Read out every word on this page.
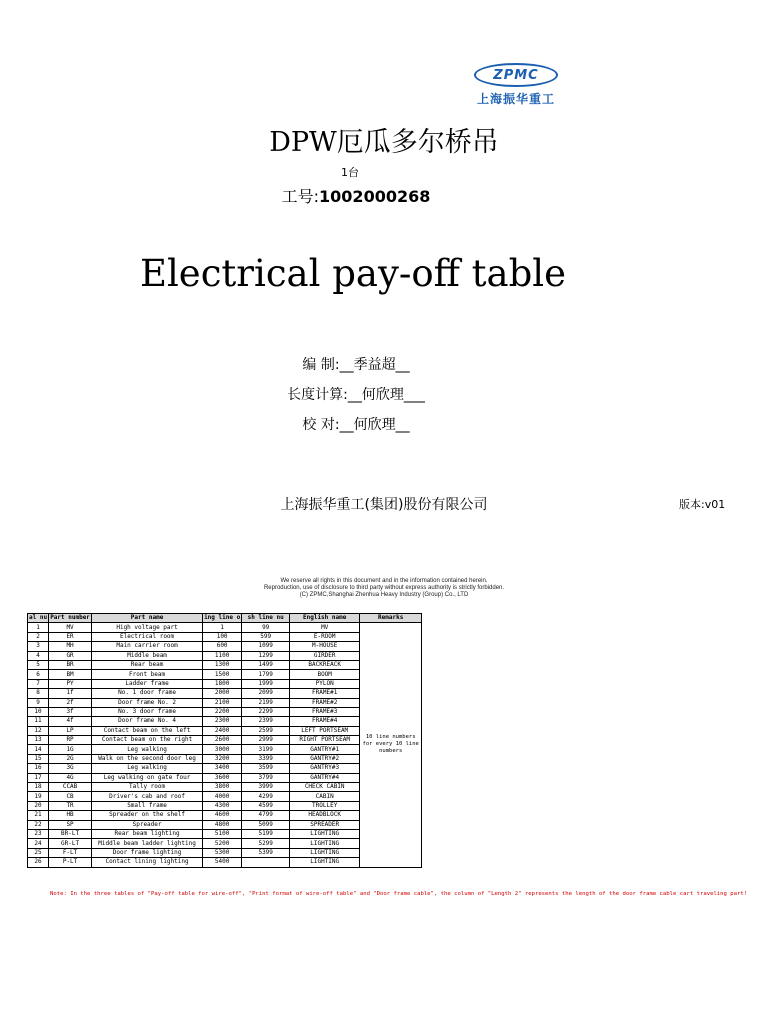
ZPMC
上海振华重工
DPW厄瓜多尔桥吊
1台
工号:1002000268
Electrical pay-off table
编 制:__季益超__
长度计算:__何欣理___
校 对:__何欣理__
上海振华重工(集团)股份有限公司	版本:v01
We reserve all rights in this document and in the information contained herein.
Reproduction, use of disclosure to third party without express authority is strictly forbidden.
(C) ZPMC,Shanghai Zhenhua Heavy Industry (Group) Co., LTD
al nu	Part number	Part name	ing line o	sh line nu	English name	Remarks
1	MV	High voltage part	1	99	MV	10 line numbers for every 10 line numbers
2	ER	Electrical room	100	599	E-ROOM	
3	MH	Main carrier room	600	1099	M-HOUSE	
4	GR	Middle beam	1100	1299	GIRDER	
5	BR	Rear beam	1300	1499	BACKREACK	
6	BM	Front beam	1500	1799	BOOM	
7	PY	Ladder frame	1800	1999	PYLON	
8	1f	No. 1 door frame	2000	2099	FRAME#1	
9	2f	Door frame No. 2	2100	2199	FRAME#2	
10	3f	No. 3 door frame	2200	2299	FRAME#3	
11	4f	Door frame No. 4	2300	2399	FRAME#4	
12	LP	Contact beam on the left	2400	2599	LEFT PORTSEAM	
13	RP	Contact beam on the right	2600	2999	RIGHT PORTSEAM	
14	1G	Leg walking	3000	3199	GANTRY#1	
15	2G	Walk on the second door leg	3200	3399	GANTRY#2	
16	3G	Leg walking	3400	3599	GANTRY#3	
17	4G	Leg walking on gate four	3600	3799	GANTRY#4	
18	CCAB	Tally room	3800	3999	CHECK CABIN	
19	CB	Driver's cab and roof	4000	4299	CABIN	
20	TR	Small frame	4300	4599	TROLLEY	
21	HB	Spreader on the shelf	4600	4799	HEADBLOCK	
22	SP	Spreader	4800	5099	SPREADER	
23	BR-LT	Rear beam lighting	5100	5199	LIGHTING	
24	GR-LT	Middle beam ladder lighting	5200	5299	LIGHTING	
25	F-LT	Door frame lighting	5300	5399	LIGHTING	
26	P-LT	Contact lining lighting	5400		LIGHTING	
Note: In the three tables of "Pay-off table for wire-off", "Print format of wire-off table" and "Door frame cable", the column of "Length 2" represents the length of the door frame cable cart traveling part!
